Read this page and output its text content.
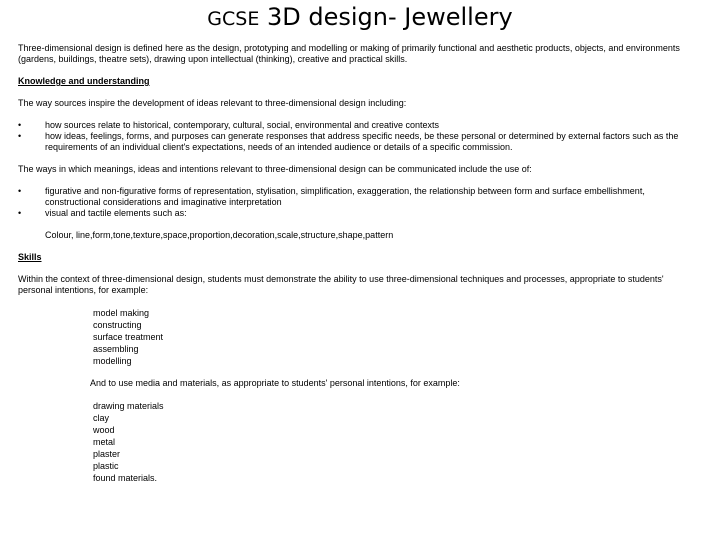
GCSE 3D design- Jewellery

Three-dimensional design is defined here as the design, prototyping and modelling or making of primarily functional and aesthetic products, objects, and environments (gardens, buildings, theatre sets), drawing upon intellectual (thinking), creative and practical skills.

Knowledge and understanding

The way sources inspire the development of ideas relevant to three-dimensional design including:

•	how sources relate to historical, contemporary, cultural, social, environmental and creative contexts
•	how ideas, feelings, forms, and purposes can generate responses that address specific needs, be these personal or determined by external factors such as the requirements of an individual client's expectations, needs of an intended audience or details of a specific commission.

The ways in which meanings, ideas and intentions relevant to three-dimensional design can be communicated include the use of:

•	figurative and non-figurative forms of representation, stylisation, simplification, exaggeration, the relationship between form and surface embellishment, constructional considerations and imaginative interpretation
•	visual and tactile elements such as:

Colour, line,form,tone,texture,space,proportion,decoration,scale,structure,shape,pattern

Skills

Within the context of three-dimensional design, students must demonstrate the ability to use three-dimensional techniques and processes, appropriate to students' personal intentions, for example:

model making
constructing
surface treatment
assembling
modelling

And to use media and materials, as appropriate to students' personal intentions, for example:

drawing materials
clay
wood
metal
plaster
plastic
found materials.
